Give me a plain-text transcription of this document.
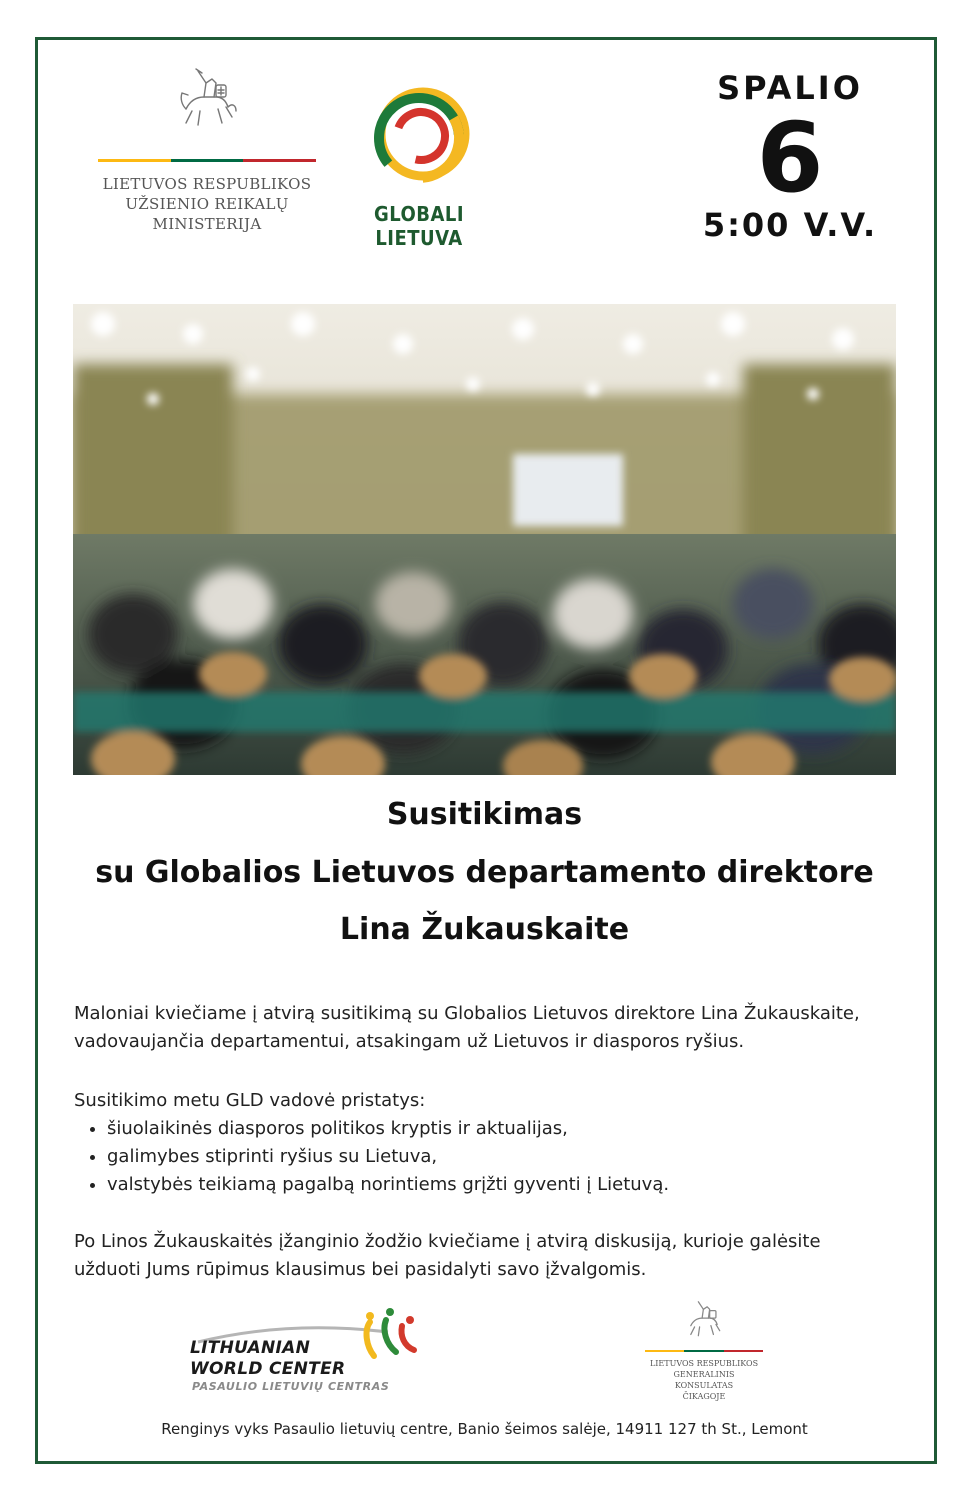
LIETUVOS RESPUBLIKOS
UŽSIENIO REIKALŲ
MINISTERIJA	GLOBALI LIETUVA
SPALIO
6
5:00 V.V.
Susitikimas
su Globalios Lietuvos departamento direktore
Lina Žukauskaite

Maloniai kviečiame į atvirą susitikimą su Globalios Lietuvos direktore Lina Žukauskaite,

vadovaujančia departamentui, atsakingam už Lietuvos ir diasporos ryšius.

Susitikimo metu GLD vadovė pristatys:

• šiuolaikinės diasporos politikos kryptis ir aktualijas,
• galimybes stiprinti ryšius su Lietuva,
• valstybės teikiamą pagalbą norintiems grįžti gyventi į Lietuvą.

Po Linos Žukauskaitės įžanginio žodžio kviečiame į atvirą diskusiją, kurioje galėsite

užduoti Jums rūpimus klausimus bei pasidalyti savo įžvalgomis.

LITHUANIAN
WORLD CENTER
PASAULIO LIETUVIŲ CENTRAS
LIETUVOS RESPUBLIKOS
GENERALINIS KONSULATAS
ČIKAGOJE
Renginys vyks Pasaulio lietuvių centre, Banio šeimos salėje, 14911 127 th St., Lemont
